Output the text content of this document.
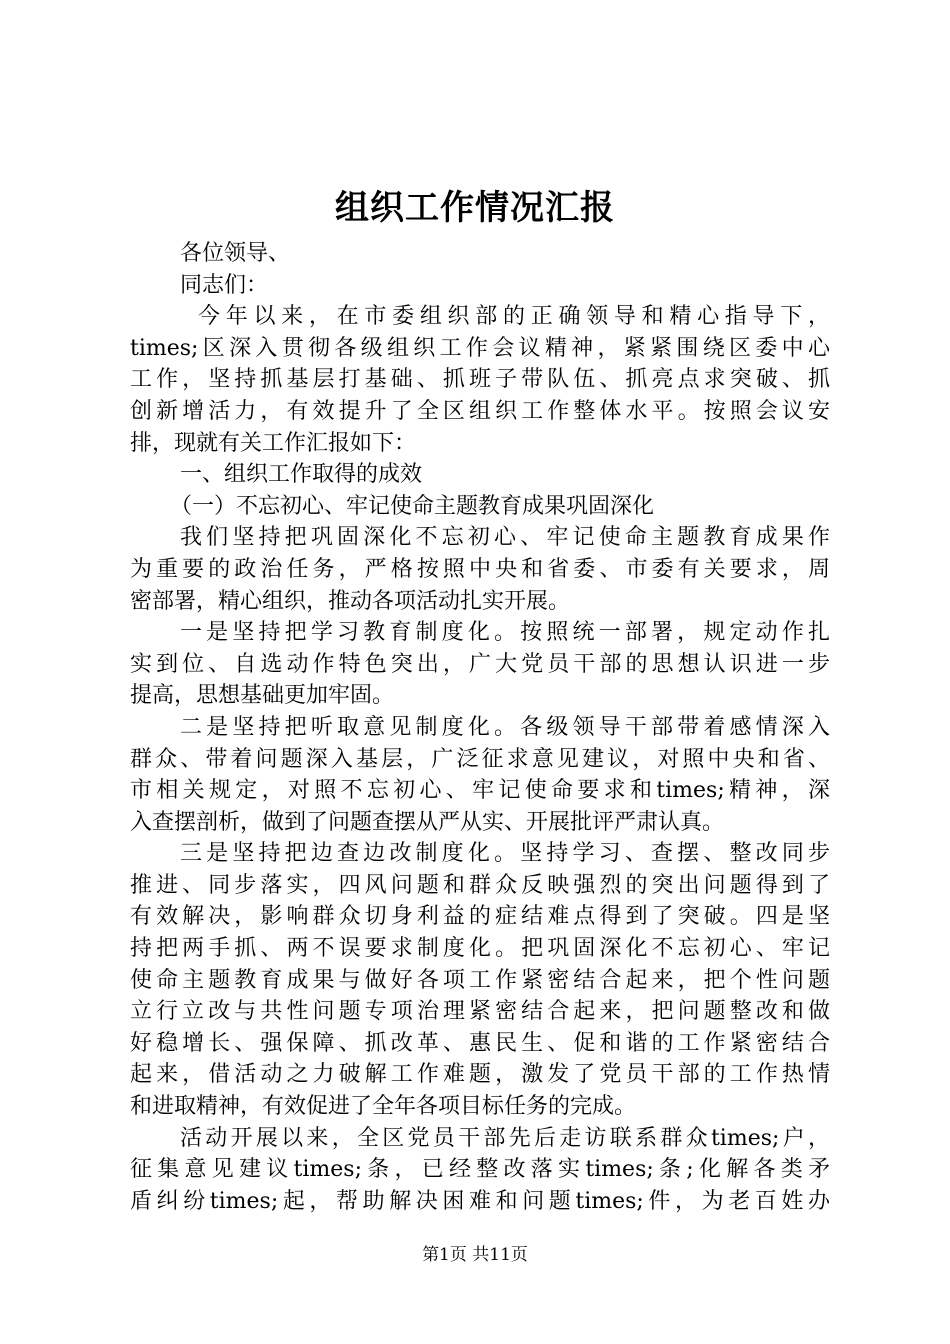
组织工作情况汇报
各位领导、
同志们：
今年以来，在市委组织部的正确领导和精心指导下，
times;区深入贯彻各级组织工作会议精神，紧紧围绕区委中心
工作，坚持抓基层打基础、抓班子带队伍、抓亮点求突破、抓
创新增活力，有效提升了全区组织工作整体水平。按照会议安
排，现就有关工作汇报如下：
一、组织工作取得的成效
（一）不忘初心、牢记使命主题教育成果巩固深化
我们坚持把巩固深化不忘初心、牢记使命主题教育成果作
为重要的政治任务，严格按照中央和省委、市委有关要求，周
密部署，精心组织，推动各项活动扎实开展。
一是坚持把学习教育制度化。按照统一部署，规定动作扎
实到位、自选动作特色突出，广大党员干部的思想认识进一步
提高，思想基础更加牢固。
二是坚持把听取意见制度化。各级领导干部带着感情深入
群众、带着问题深入基层，广泛征求意见建议，对照中央和省、
市相关规定，对照不忘初心、牢记使命要求和times;精神，深
入查摆剖析，做到了问题查摆从严从实、开展批评严肃认真。
三是坚持把边查边改制度化。坚持学习、查摆、整改同步
推进、同步落实，四风问题和群众反映强烈的突出问题得到了
有效解决，影响群众切身利益的症结难点得到了突破。四是坚
持把两手抓、两不误要求制度化。把巩固深化不忘初心、牢记
使命主题教育成果与做好各项工作紧密结合起来，把个性问题
立行立改与共性问题专项治理紧密结合起来，把问题整改和做
好稳增长、强保障、抓改革、惠民生、促和谐的工作紧密结合
起来，借活动之力破解工作难题，激发了党员干部的工作热情
和进取精神，有效促进了全年各项目标任务的完成。
活动开展以来，全区党员干部先后走访联系群众times;户，
征集意见建议times;条，已经整改落实times;条;化解各类矛
盾纠纷times;起，帮助解决困难和问题times;件，为老百姓办
第1页 共11页
